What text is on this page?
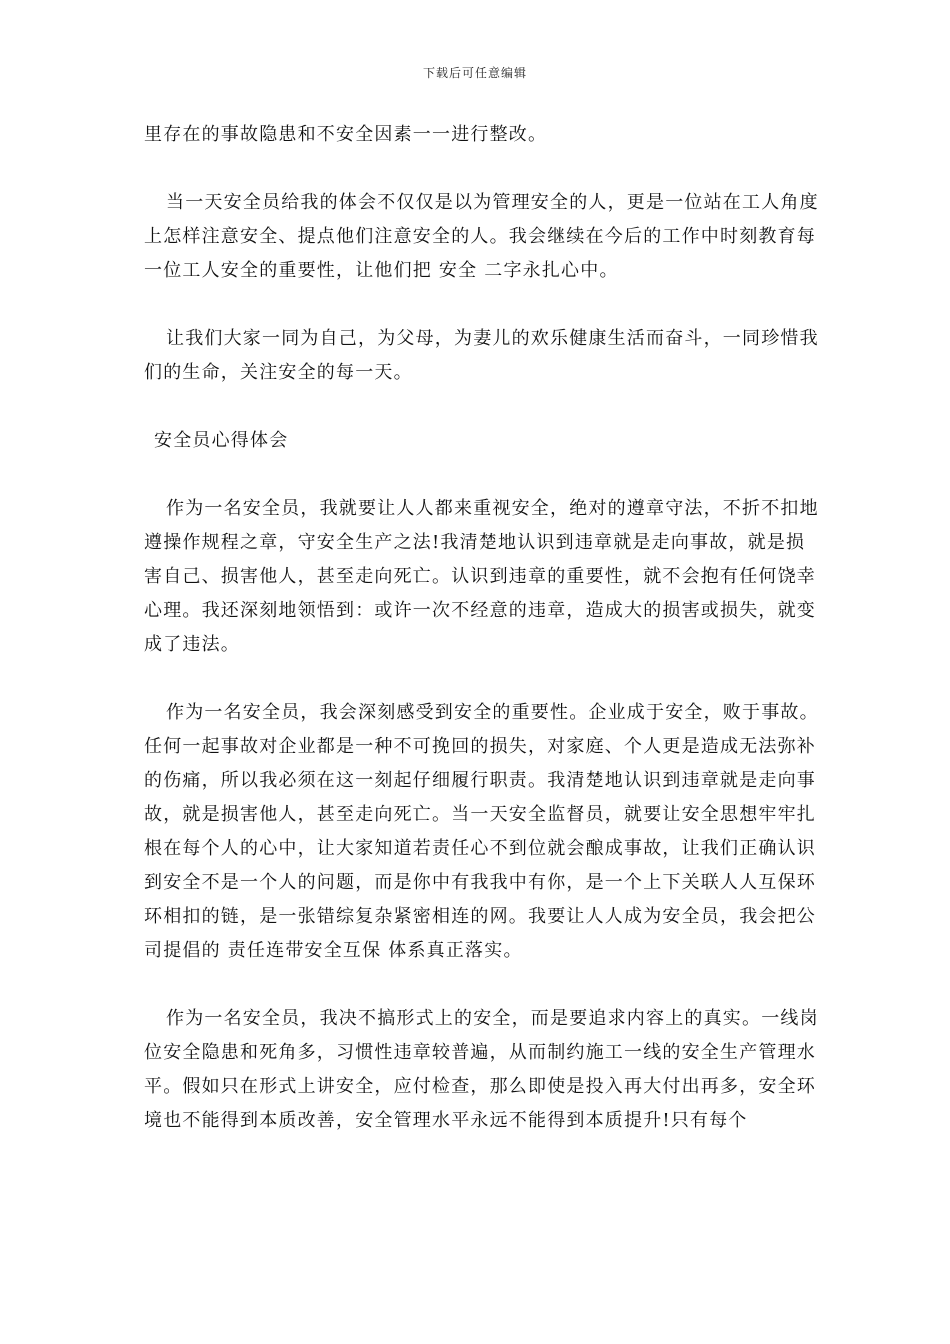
下载后可任意编辑

里存在的事故隐患和不安全因素一一进行整改。

当一天安全员给我的体会不仅仅是以为管理安全的人，更是一位站在工人角度上怎样注意安全、提点他们注意安全的人。我会继续在今后的工作中时刻教育每一位工人安全的重要性，让他们把 安全 二字永扎心中。

让我们大家一同为自己，为父母，为妻儿的欢乐健康生活而奋斗，一同珍惜我们的生命，关注安全的每一天。

安全员心得体会

作为一名安全员，我就要让人人都来重视安全，绝对的遵章守法，不折不扣地遵操作规程之章，守安全生产之法!我清楚地认识到违章就是走向事故，就是损害自己、损害他人，甚至走向死亡。认识到违章的重要性，就不会抱有任何饶幸心理。我还深刻地领悟到：或许一次不经意的违章，造成大的损害或损失，就变成了违法。

作为一名安全员，我会深刻感受到安全的重要性。企业成于安全，败于事故。任何一起事故对企业都是一种不可挽回的损失，对家庭、个人更是造成无法弥补的伤痛，所以我必须在这一刻起仔细履行职责。我清楚地认识到违章就是走向事故，就是损害他人，甚至走向死亡。当一天安全监督员，就要让安全思想牢牢扎根在每个人的心中，让大家知道若责任心不到位就会酿成事故，让我们正确认识到安全不是一个人的问题，而是你中有我我中有你，是一个上下关联人人互保环环相扣的链，是一张错综复杂紧密相连的网。我要让人人成为安全员，我会把公司提倡的 责任连带安全互保 体系真正落实。

作为一名安全员，我决不搞形式上的安全，而是要追求内容上的真实。一线岗位安全隐患和死角多，习惯性违章较普遍，从而制约施工一线的安全生产管理水平。假如只在形式上讲安全，应付检查，那么即使是投入再大付出再多，安全环境也不能得到本质改善，安全管理水平永远不能得到本质提升!只有每个
